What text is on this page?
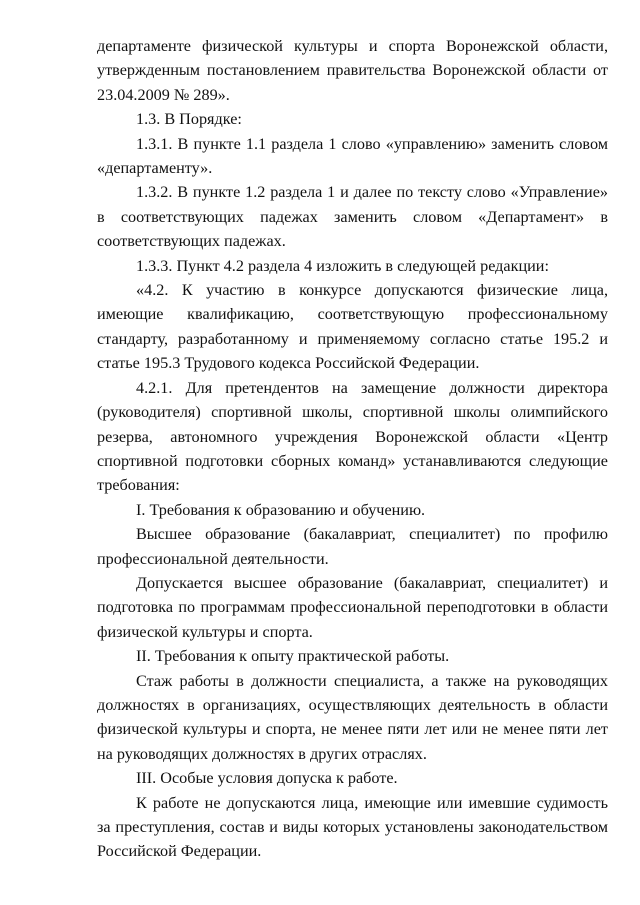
департаменте физической культуры и спорта Воронежской области, утвержденным постановлением правительства Воронежской области от 23.04.2009 № 289».

1.3. В Порядке:

1.3.1. В пункте 1.1 раздела 1 слово «управлению» заменить словом «департаменту».

1.3.2. В пункте 1.2 раздела 1 и далее по тексту слово «Управление» в соответствующих падежах заменить словом «Департамент» в соответствующих падежах.

1.3.3. Пункт 4.2 раздела 4 изложить в следующей редакции:

«4.2. К участию в конкурсе допускаются физические лица, имеющие квалификацию, соответствующую профессиональному стандарту, разработанному и применяемому согласно статье 195.2 и статье 195.3 Трудового кодекса Российской Федерации.

4.2.1. Для претендентов на замещение должности директора (руководителя) спортивной школы, спортивной школы олимпийского резерва, автономного учреждения Воронежской области «Центр спортивной подготовки сборных команд» устанавливаются следующие требования:

I. Требования к образованию и обучению.

Высшее образование (бакалавриат, специалитет) по профилю профессиональной деятельности.

Допускается высшее образование (бакалавриат, специалитет) и подготовка по программам профессиональной переподготовки в области физической культуры и спорта.

II. Требования к опыту практической работы.

Стаж работы в должности специалиста, а также на руководящих должностях в организациях, осуществляющих деятельность в области физической культуры и спорта, не менее пяти лет или не менее пяти лет на руководящих должностях в других отраслях.

III. Особые условия допуска к работе.

К работе не допускаются лица, имеющие или имевшие судимость за преступления, состав и виды которых установлены законодательством Российской Федерации.
